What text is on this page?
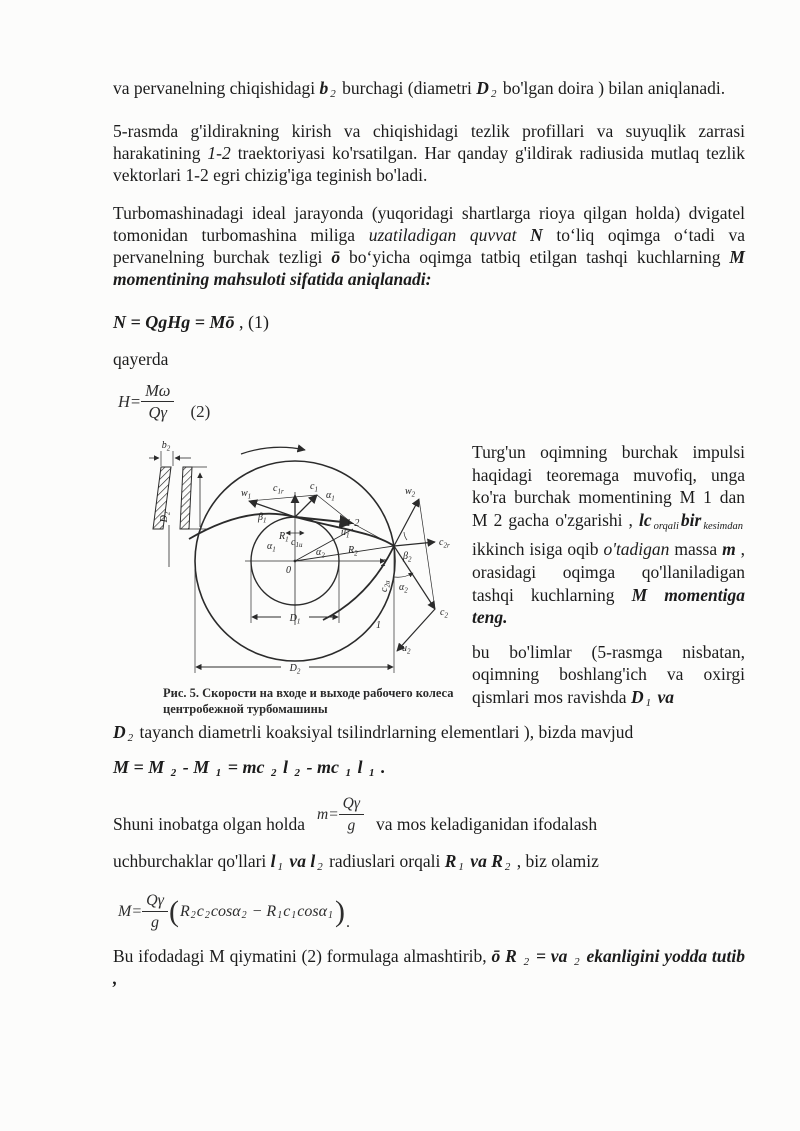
va pervanelning chiqishidagi b $_2$ burchagi (diametri D $_2$ bo'lgan doira ) bilan aniqlanadi.

5-rasmda g'ildirakning kirish va chiqishidagi tezlik profillari va suyuqlik zarrasi harakatining 1-2 traektoriyasi ko'rsatilgan. Har qanday g'ildirak radiusida mutlaq tezlik vektorlari 1-2 egri chizig'iga teginish bo'ladi.

Turbomashinadagi ideal jarayonda (yuqoridagi shartlarga rioya qilgan holda) dvigatel tomonidan turbomashina miliga uzatiladigan quvvat N to‘liq oqimga o‘tadi va pervanelning burchak tezligi ō bo‘yicha oqimga tatbiq etilgan tashqi kuchlarning M momentining mahsuloti sifatida aniqlanadi:

N = QgHg = Mō , (1)

qayerda

$H = \frac{M\omega}{Q\gamma} (2)$
$b_2$
$D_2$
$w_1$
$c_{1r}$	$c_1$
$\alpha_1$
$\beta_1$
$u_1$
$R_1$
$\alpha_1$
$c_{1u}$
$\alpha_2$
0
1-2
$R_2$
2
$\beta_2$
$w_2$
$c_{2r}$
$c_{2u}$ $\alpha_2$
$c_2$
$u_2$
1
$D_1$
$D_2$
Рис. 5. Скорости на входе и выходе рабочего колеса
центробежной турбомашины

Turg'un oqimning burchak impulsi haqidagi teoremaga muvofiq, unga ko'ra burchak momentining M 1 dan M 2 gacha o'zgarishi , lc orqali bir kesimdan ikkinch isiga oqib o'tadigan massa m , orasidagi oqimga qo'llaniladigan tashqi kuchlarning M momentiga teng.

bu bo'limlar (5-rasmga nisbatan, oqimning boshlang'ich va oxirgi qismlari mos ravishda D $_1$ va

D $_2$ tayanch diametrli koaksiyal tsilindrlarning elementlari ), bizda mavjud

M = M $_2$ - M $_1$ = mc $_2$ l $_2$ - mc $_1$ l $_1$ .

Shuni inobatga olgan holda $m = \frac{Q\gamma}{g}$ va mos keladiganidan ifodalash

uchburchaklar qo'llari l $_1$ va l $_2$ radiuslari orqali R $_1$ va R $_2$ , biz olamiz

$M = \frac{Q\gamma}{g}$ ( $R_2c_2\cos\alpha_2 - R_1c_1\cos\alpha_1$ ) .

Bu ifodadagi M qiymatini (2) formulaga almashtirib, ō R $_2$ = va $_2$ ekanligini yodda tutib ,
